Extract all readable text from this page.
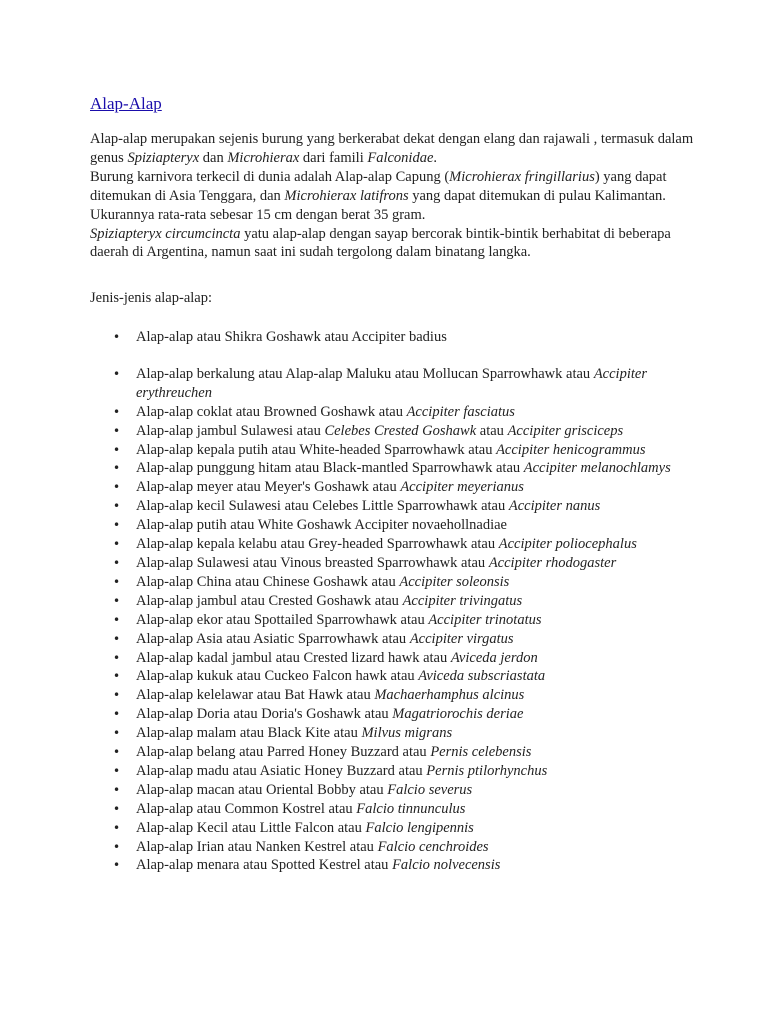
Alap-Alap

Alap-alap merupakan sejenis burung yang berkerabat dekat dengan elang dan rajawali , termasuk dalam genus Spiziapteryx dan Microhierax dari famili Falconidae.

Burung karnivora terkecil di dunia adalah Alap-alap Capung (Microhierax fringillarius) yang dapat ditemukan di Asia Tenggara, dan Microhierax latifrons yang dapat ditemukan di pulau Kalimantan. Ukurannya rata-rata sebesar 15 cm dengan berat 35 gram.

Spiziapteryx circumcincta yatu alap-alap dengan sayap bercorak bintik-bintik berhabitat di beberapa daerah di Argentina, namun saat ini sudah tergolong dalam binatang langka.

Jenis-jenis alap-alap:
• Alap-alap atau Shikra Goshawk atau Accipiter badius
• Alap-alap berkalung atau Alap-alap Maluku atau Mollucan Sparrowhawk atau Accipiter erythreuchen
• Alap-alap coklat atau Browned Goshawk atau Accipiter fasciatus
• Alap-alap jambul Sulawesi atau Celebes Crested Goshawk atau Accipiter grisciceps
• Alap-alap kepala putih atau White-headed Sparrowhawk atau Accipiter henicogrammus
• Alap-alap punggung hitam atau Black-mantled Sparrowhawk atau Accipiter melanochlamys
• Alap-alap meyer atau Meyer's Goshawk atau Accipiter meyerianus
• Alap-alap kecil Sulawesi atau Celebes Little Sparrowhawk atau Accipiter nanus
• Alap-alap putih atau White Goshawk Accipiter novaehollnadiae
• Alap-alap kepala kelabu atau Grey-headed Sparrowhawk atau Accipiter poliocephalus
• Alap-alap Sulawesi atau Vinous breasted Sparrowhawk atau Accipiter rhodogaster
• Alap-alap China atau Chinese Goshawk atau Accipiter soleonsis
• Alap-alap jambul atau Crested Goshawk atau Accipiter trivingatus
• Alap-alap ekor atau Spottailed Sparrowhawk atau Accipiter trinotatus
• Alap-alap Asia atau Asiatic Sparrowhawk atau Accipiter virgatus
• Alap-alap kadal jambul atau Crested lizard hawk atau Aviceda jerdon
• Alap-alap kukuk atau Cuckeo Falcon hawk atau Aviceda subscriastata
• Alap-alap kelelawar atau Bat Hawk atau Machaerhamphus alcinus
• Alap-alap Doria atau Doria's Goshawk atau Magatriorochis deriae
• Alap-alap malam atau Black Kite atau Milvus migrans
• Alap-alap belang atau Parred Honey Buzzard atau Pernis celebensis
• Alap-alap madu atau Asiatic Honey Buzzard atau Pernis ptilorhynchus
• Alap-alap macan atau Oriental Bobby atau Falcio severus
• Alap-alap atau Common Kostrel atau Falcio tinnunculus
• Alap-alap Kecil atau Little Falcon atau Falcio lengipennis
• Alap-alap Irian atau Nanken Kestrel atau Falcio cenchroides
• Alap-alap menara atau Spotted Kestrel atau Falcio nolvecensis
